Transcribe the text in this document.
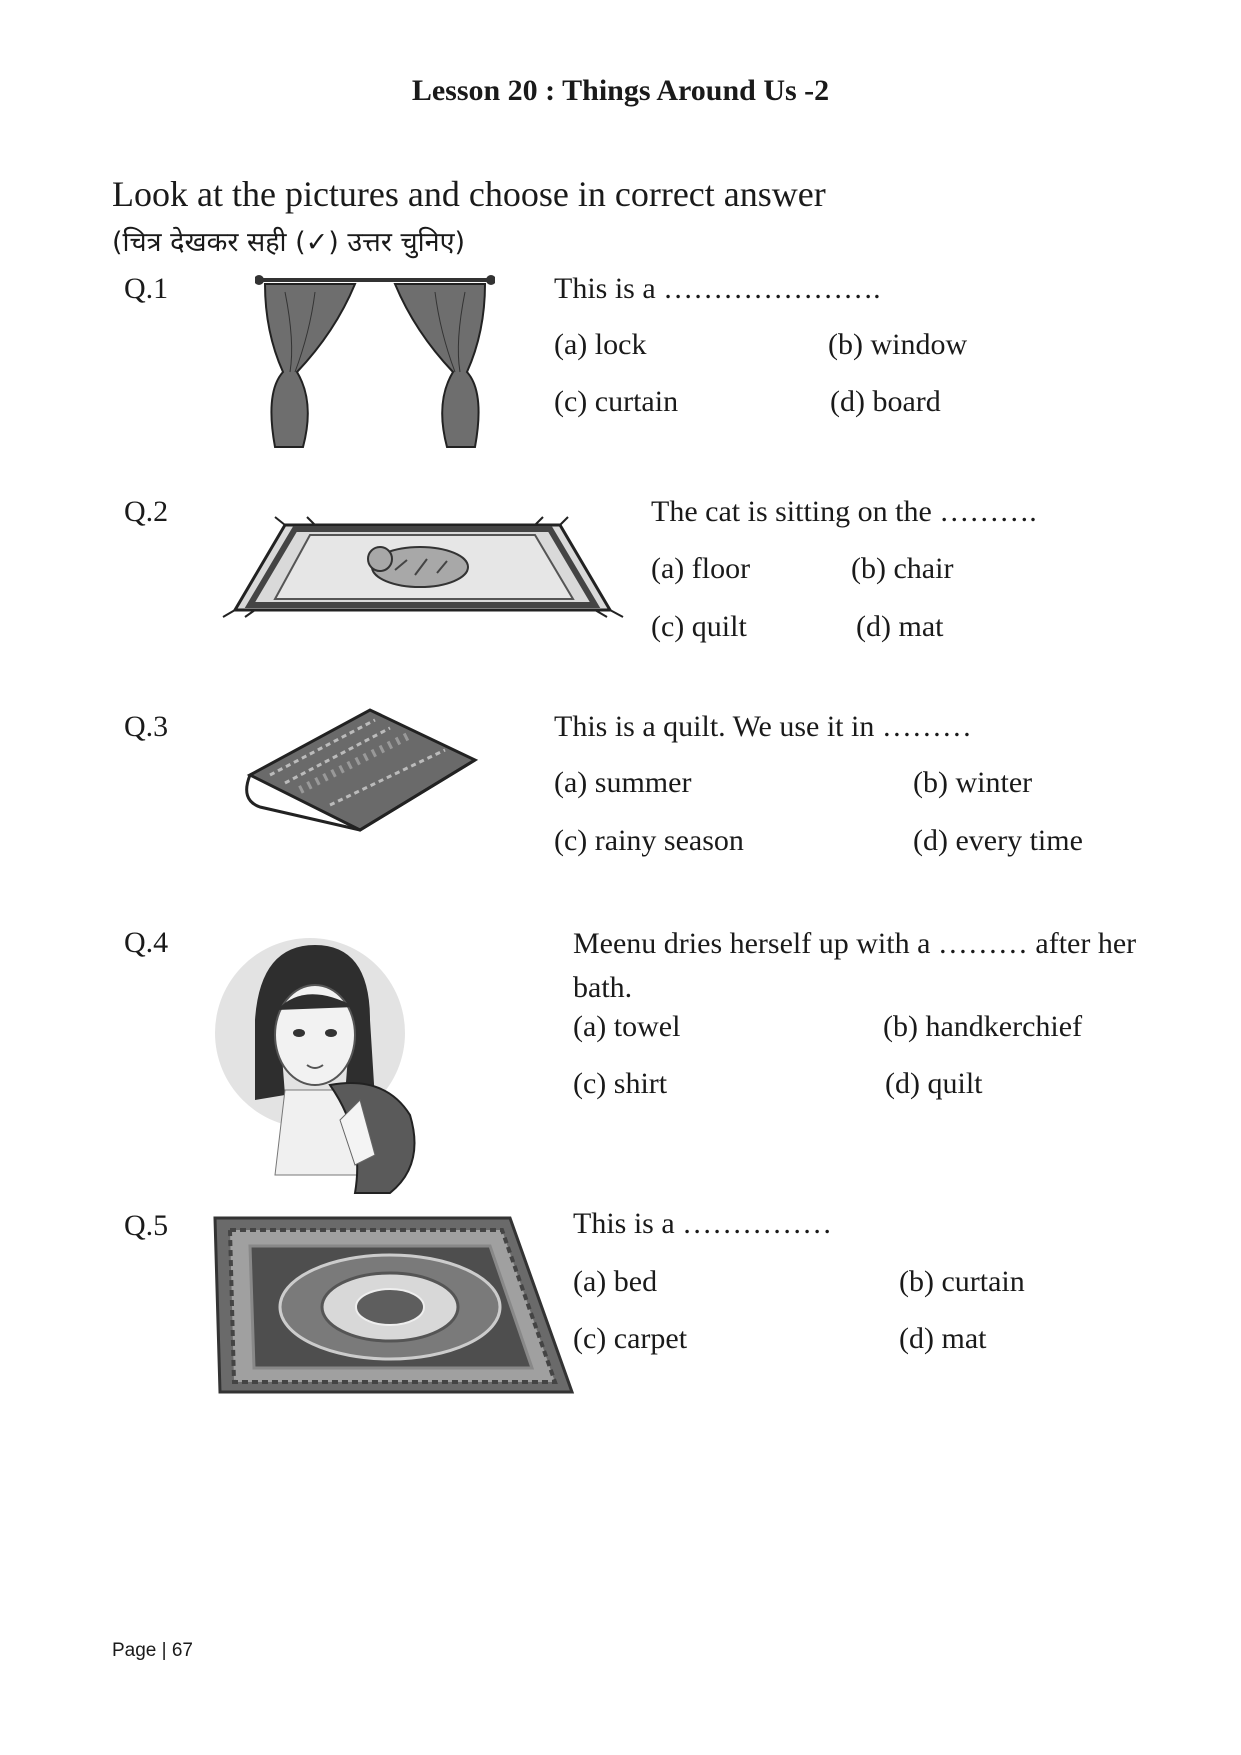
Lesson 20 : Things Around Us -2
Look at the pictures and choose in correct answer
(चित्र देखकर सही (✓) उत्तर चुनिए)
Q.1	This is a ………………….
(a) lock	(b) window
(c) curtain	(d) board
Q.2	The cat is sitting on the ……….
(a) floor	(b) chair
(c) quilt	(d) mat
Q.3	This is a quilt. We use it in ………
(a) summer	(b) winter
(c) rainy season	(d) every time
Q.4	Meenu dries herself up with a ……… after her bath.
(a) towel	(b) handkerchief
(c) shirt	(d) quilt
Q.5	This is a ……………
(a) bed	(b) curtain
(c) carpet	(d) mat
Page | 67
